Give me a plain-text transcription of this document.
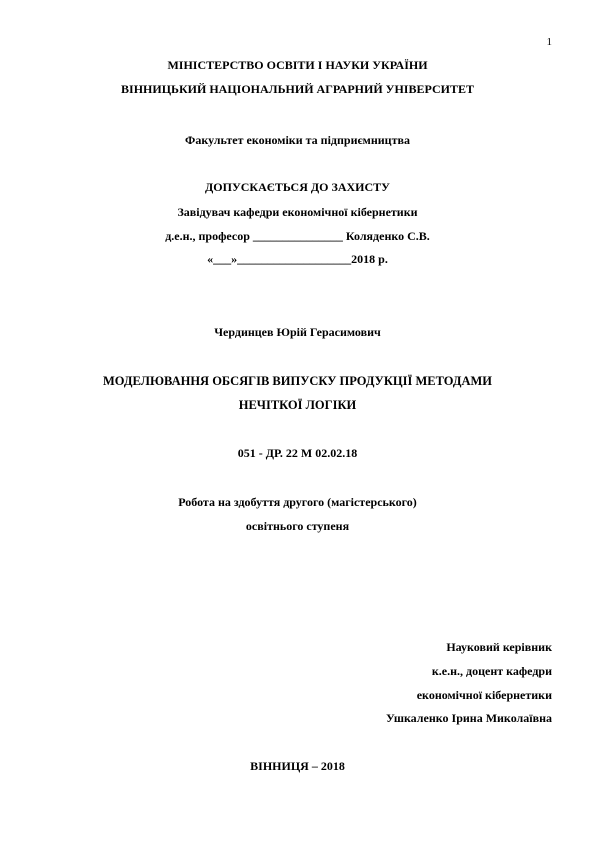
1
МІНІСТЕРСТВО ОСВІТИ І НАУКИ УКРАЇНИ
ВІННИЦЬКИЙ НАЦІОНАЛЬНИЙ АГРАРНИЙ УНІВЕРСИТЕТ
Факультет економіки та підприємництва
ДОПУСКАЄТЬСЯ ДО ЗАХИСТУ
Завідувач кафедри економічної кібернетики
д.е.н., професор _______________ Коляденко С.В.
«___»___________________2018 р.
Чердинцев Юрій Герасимович
МОДЕЛЮВАННЯ ОБСЯГІВ ВИПУСКУ ПРОДУКЦІЇ МЕТОДАМИ
НЕЧІТКОЇ ЛОГІКИ
051 - ДР. 22 М 02.02.18
Робота на здобуття другого (магістерського)
освітнього ступеня
Науковий керівник
к.е.н., доцент кафедри
економічної кібернетики
Ушкаленко Ірина Миколаївна
ВІННИЦЯ – 2018
